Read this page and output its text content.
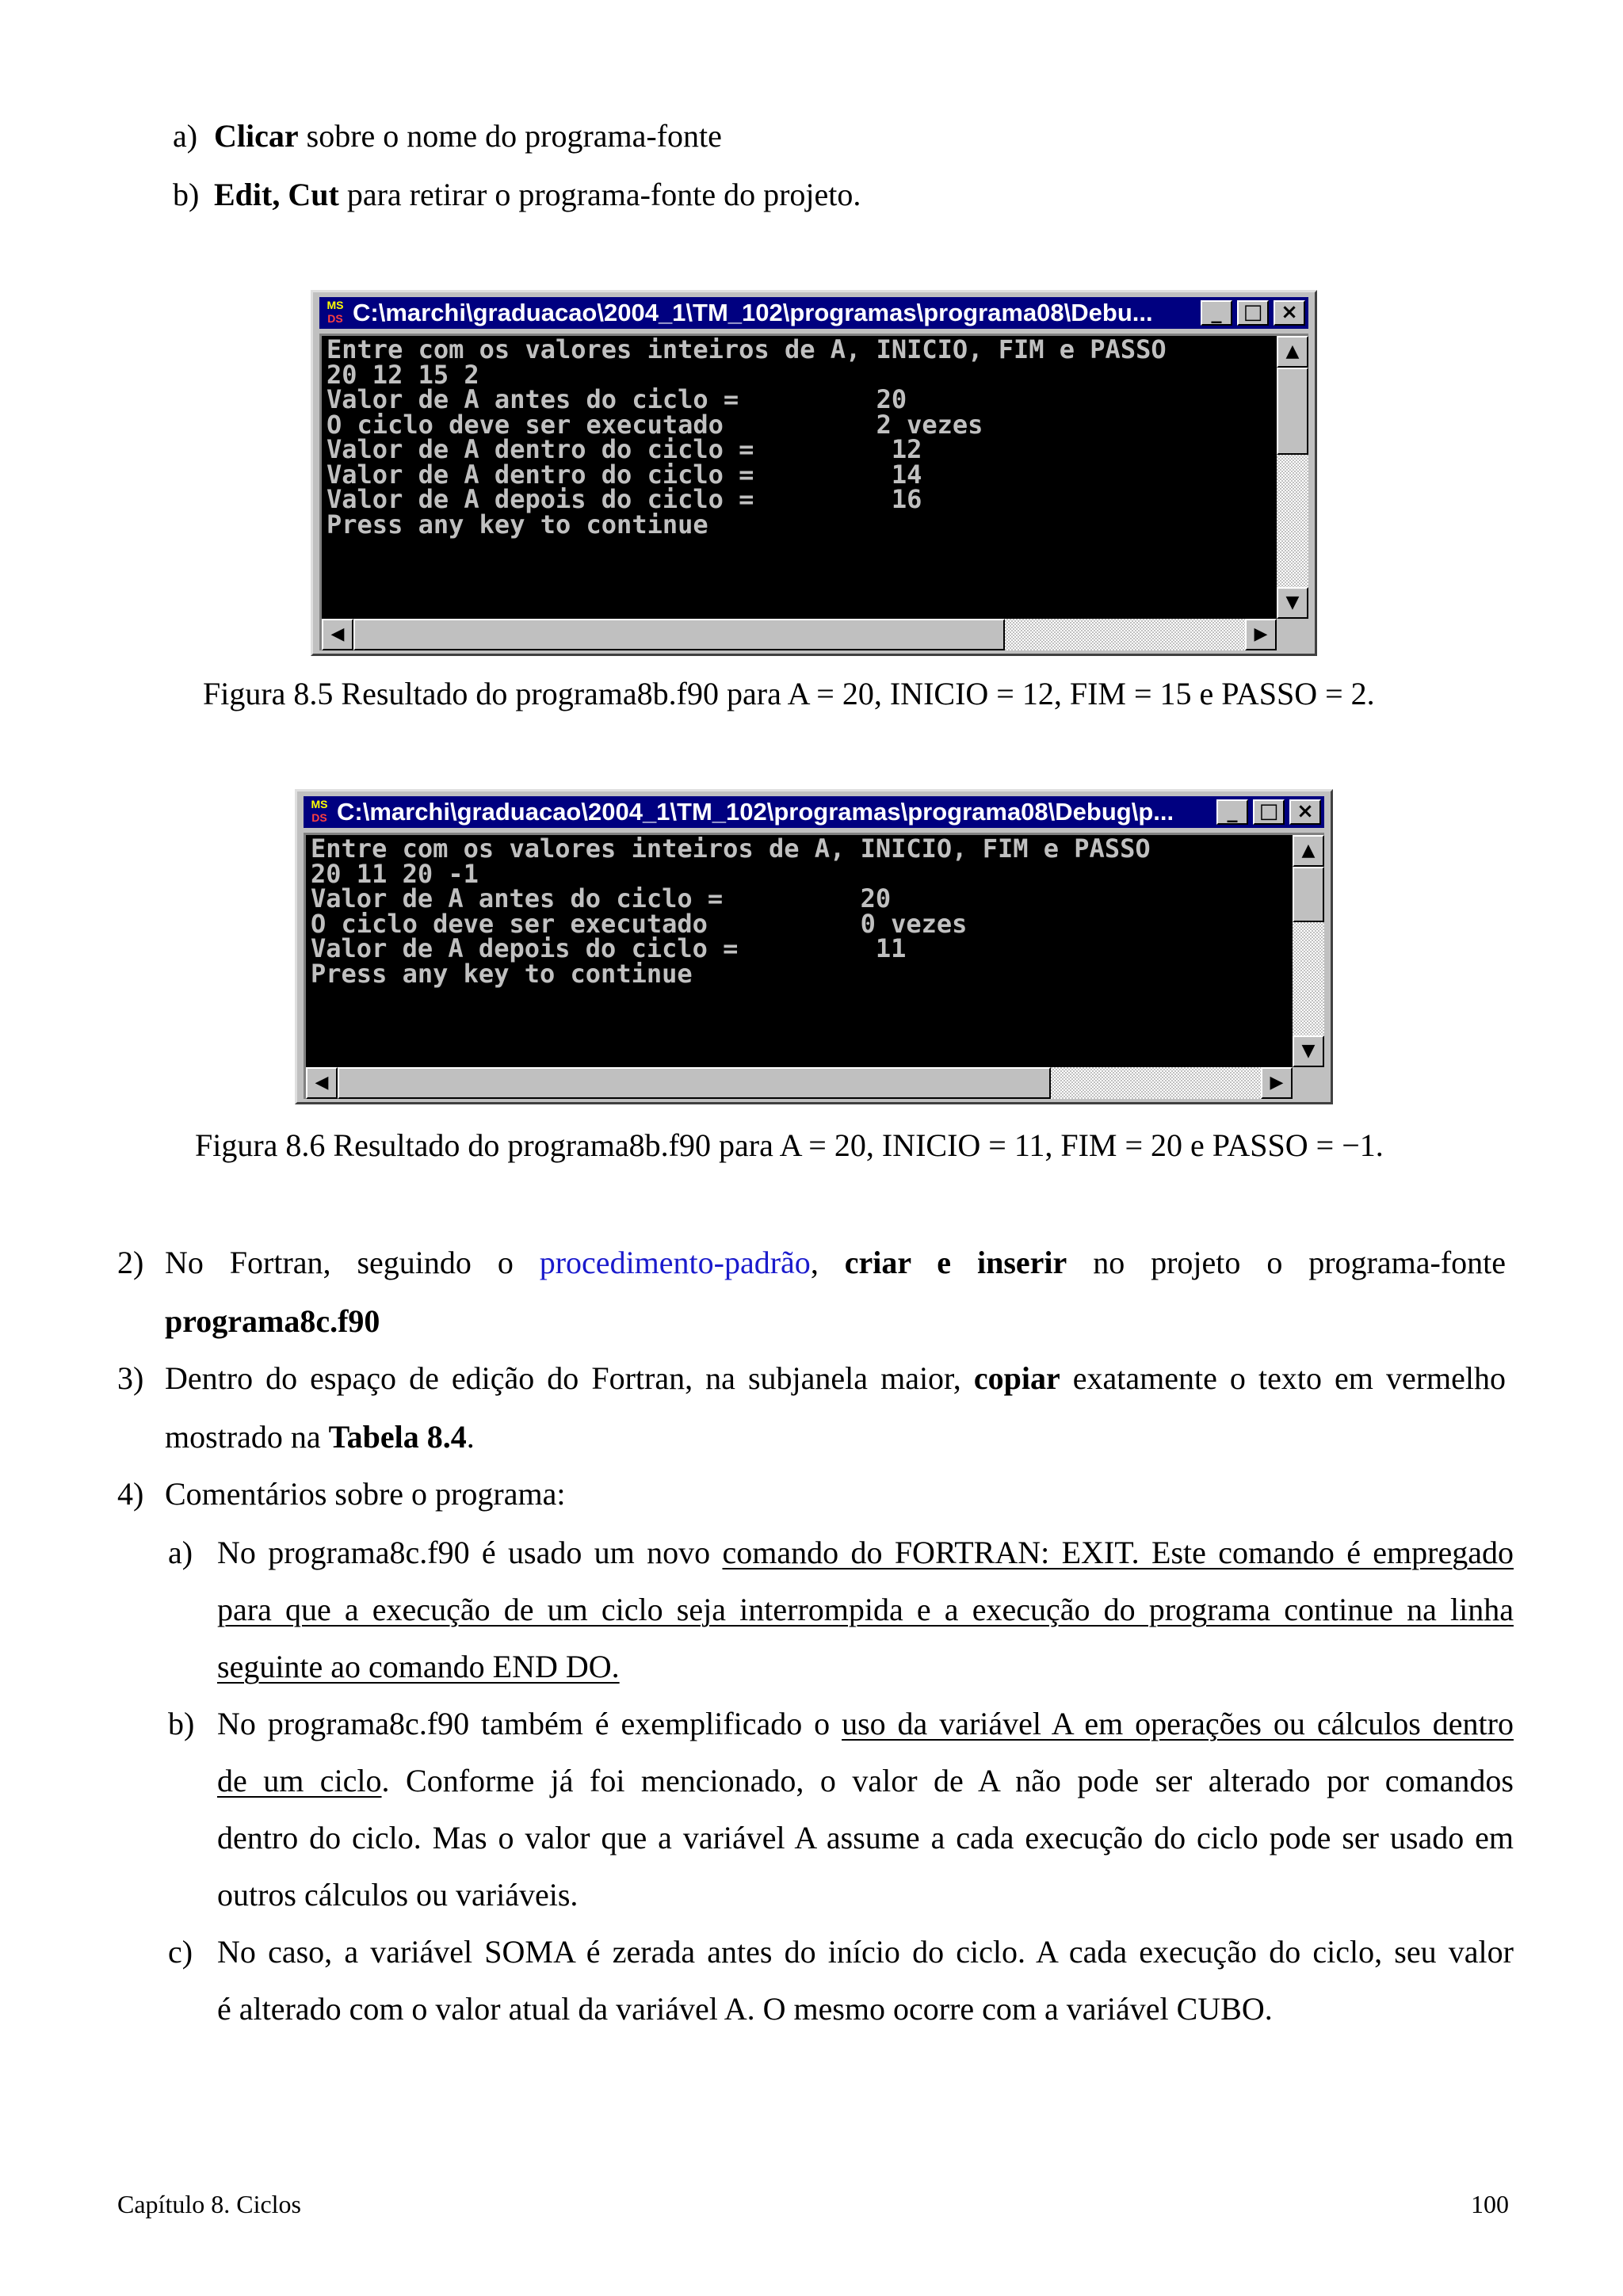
a) Clicar sobre o nome do programa-fonte
b) Edit, Cut para retirar o programa-fonte do projeto.
MS
DS C:\marchi\graduacao\2004_1\TM_102\programas\programa08\Debu...	_	□ ×
Entre com os valores inteiros de A, INICIO, FIM e PASSO
20 12 15 2
Valor de A antes do ciclo =         20
O ciclo deve ser executado          2 vezes
Valor de A dentro do ciclo =         12
Valor de A dentro do ciclo =         14
Valor de A depois do ciclo =         16
Press any key to continue
▲
▼
◀	▶
Figura 8.5 Resultado do programa8b.f90 para A = 20, INICIO = 12, FIM = 15 e PASSO = 2.
MS
DS C:\marchi\graduacao\2004_1\TM_102\programas\programa08\Debug\p...	_	□ ×
Entre com os valores inteiros de A, INICIO, FIM e PASSO
20 11 20 -1
Valor de A antes do ciclo =         20
O ciclo deve ser executado          0 vezes
Valor de A depois do ciclo =         11
Press any key to continue
▲
▼
◀	▶
Figura 8.6 Resultado do programa8b.f90 para A = 20, INICIO = 11, FIM = 20 e PASSO = −1.
2) No Fortran, seguindo o procedimento-padrão, criar e inserir no projeto o programa-fonte
programa8c.f90
3) Dentro do espaço de edição do Fortran, na subjanela maior, copiar exatamente o texto em vermelho
mostrado na Tabela 8.4.
4) Comentários sobre o programa:
a) No programa8c.f90 é usado um novo comando do FORTRAN: EXIT. Este comando é empregado
para que a execução de um ciclo seja interrompida e a execução do programa continue na linha
seguinte ao comando END DO.
b) No programa8c.f90 também é exemplificado o uso da variável A em operações ou cálculos dentro
de um ciclo. Conforme já foi mencionado, o valor de A não pode ser alterado por comandos
dentro do ciclo. Mas o valor que a variável A assume a cada execução do ciclo pode ser usado em
outros cálculos ou variáveis.
c) No caso, a variável SOMA é zerada antes do início do ciclo. A cada execução do ciclo, seu valor
é alterado com o valor atual da variável A. O mesmo ocorre com a variável CUBO.
Capítulo 8. Ciclos	100
